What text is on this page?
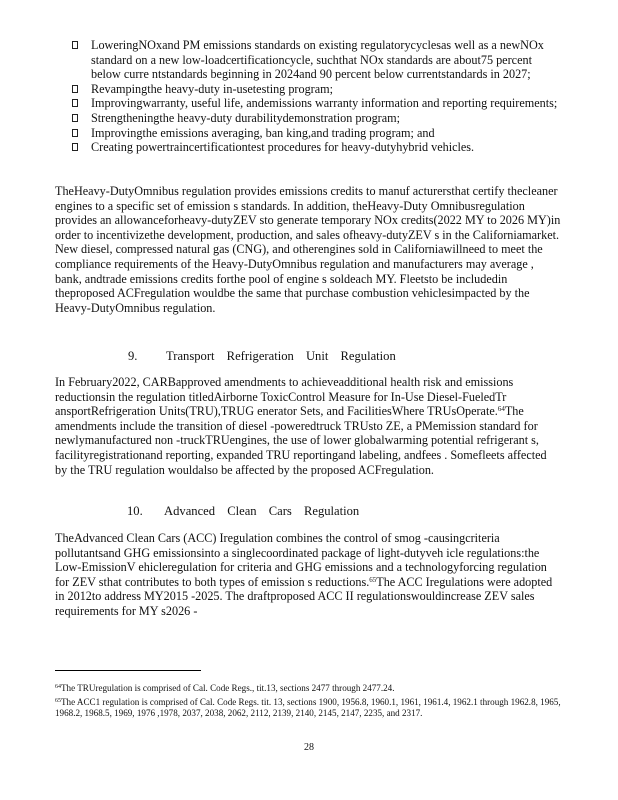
LoweringNOxand PM emissions standards on existing regulatorycyclesas well as a newNOx standard on a new low-loadcertificationcycle, suchthat NOx standards are about75 percent below curre ntstandards beginning in 2024and 90 percent below currentstandards in 2027;
Revampingthe heavy-duty in-usetesting program;
Improvingwarranty, useful life, andemissions warranty information and reporting requirements;
Strengtheningthe heavy-duty durabilitydemonstration program;
Improvingthe emissions averaging, ban king,and trading program; and
Creating powertraincertificationtest procedures for heavy-dutyhybrid vehicles.

TheHeavy-DutyOmnibus regulation provides emissions credits to manuf acturersthat certify thecleaner engines to a specific set of emission s standards. In addition, theHeavy-Duty Omnibusregulation provides an allowanceforheavy-dutyZEV sto generate temporary NOx credits(2022 MY to 2026 MY)in order to incentivizethe development, production, and sales ofheavy-dutyZEV s in the Californiamarket. New diesel, compressed natural gas (CNG), and otherengines sold in Californiawillneed to meet the compliance requirements of the Heavy-DutyOmnibus regulation and manufacturers may average , bank, andtrade emissions credits forthe pool of engine s soldeach MY. Fleetsto be includedin theproposed ACFregulation wouldbe the same that purchase combustion vehiclesimpacted by the Heavy-DutyOmnibus regulation.

9. Transport Refrigeration Unit Regulation

In February2022, CARBapproved amendments to achieveadditional health risk and emissions reductionsin the regulation titledAirborne ToxicControl Measure for In-Use Diesel-FueledTr ansportRefrigeration Units(TRU),TRUG enerator Sets, and FacilitiesWhere TRUsOperate.$^{64}$The amendments include the transition of diesel -poweredtruck TRUsto ZE, a PMemission standard for newlymanufactured non -truckTRUengines, the use of lower globalwarming potential refrigerant s, facilityregistrationand reporting, expanded TRU reportingand labeling, andfees . Somefleets affected by the TRU regulation wouldalso be affected by the proposed ACFregulation.

10. Advanced Clean Cars Regulation

TheAdvanced Clean Cars (ACC) Iregulation combines the control of smog -causingcriteria pollutantsand GHG emissionsinto a singlecoordinated package of light-dutyveh icle regulations:the Low-EmissionV ehicleregulation for criteria and GHG emissions and a technologyforcing regulation for ZEV sthat contributes to both types of emission s reductions.$^{65}$The ACC Iregulations were adopted in 2012to address MY2015 -2025. The draftproposed ACC II regulationswouldincrease ZEV sales requirements for MY s2026 -

$^{64}$The TRUregulation is comprised of Cal. Code Regs., tit.13, sections 2477 through 2477.24.
$^{65}$The ACC1 regulation is comprised of Cal. Code Regs. tit. 13, sections 1900, 1956.8, 1960.1, 1961, 1961.4, 1962.1 through 1962.8, 1965, 1968.2, 1968.5, 1969, 1976 ,1978, 2037, 2038, 2062, 2112, 2139, 2140, 2145, 2147, 2235, and 2317.
28
